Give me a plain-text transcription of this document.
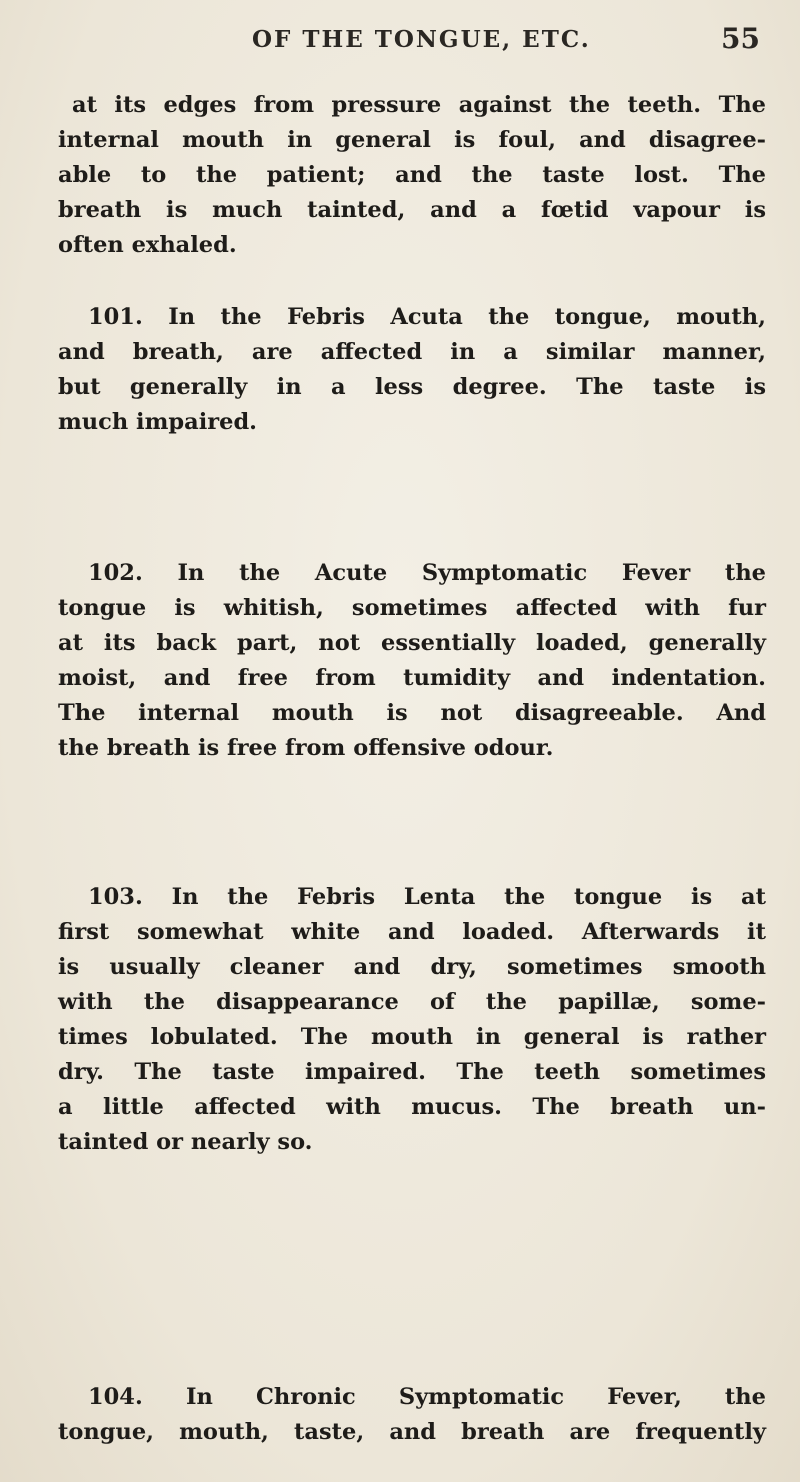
OF THE TONGUE, ETC.	55
at its edges from pressure against the teeth. The
internal mouth in general is foul, and disagree-
able to the patient; and the taste lost. The
breath is much tainted, and a fœtid vapour is
often exhaled.
101. In the Febris Acuta the tongue, mouth,
and breath, are affected in a similar manner,
but generally in a less degree. The taste is
much impaired.
102. In the Acute Symptomatic Fever the
tongue is whitish, sometimes affected with fur
at its back part, not essentially loaded, generally
moist, and free from tumidity and indentation.
The internal mouth is not disagreeable. And
the breath is free from offensive odour.
103. In the Febris Lenta the tongue is at
first somewhat white and loaded. Afterwards it
is usually cleaner and dry, sometimes smooth
with the disappearance of the papillæ, some-
times lobulated. The mouth in general is rather
dry. The taste impaired. The teeth sometimes
a little affected with mucus. The breath un-
tainted or nearly so.
104. In Chronic Symptomatic Fever, the
tongue, mouth, taste, and breath are frequently
